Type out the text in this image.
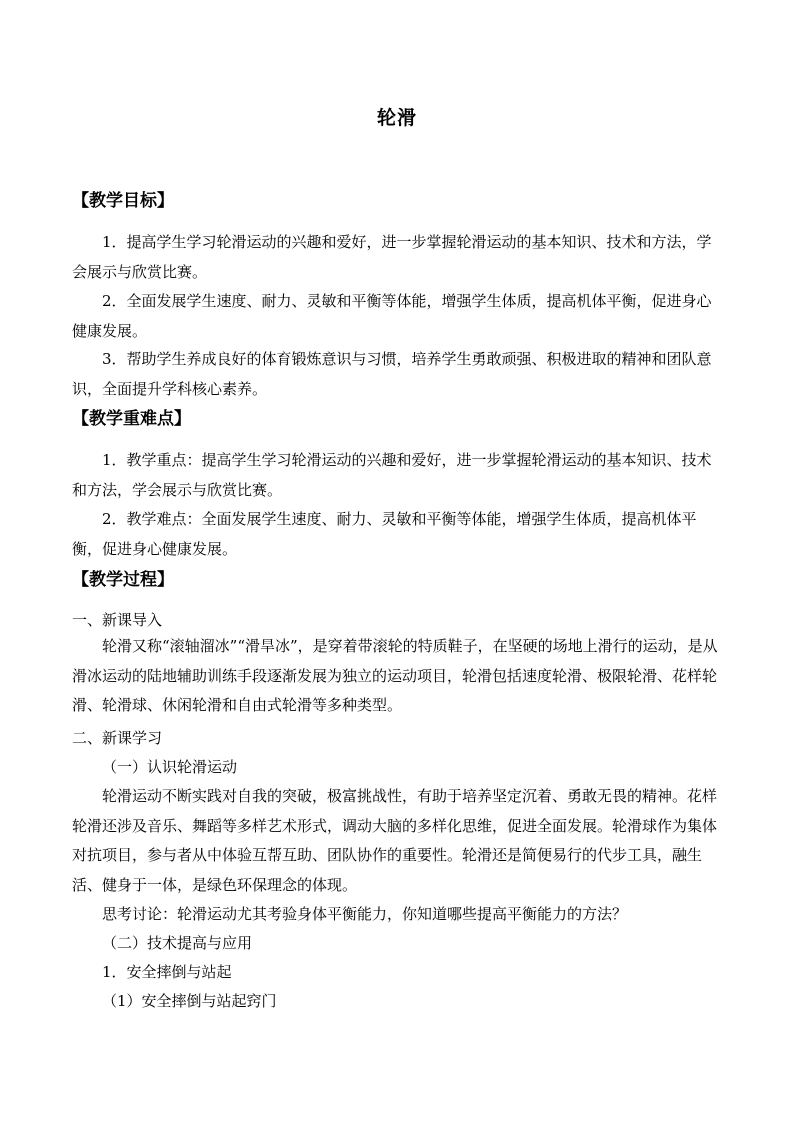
轮滑
【教学目标】
1．提高学生学习轮滑运动的兴趣和爱好，进一步掌握轮滑运动的基本知识、技术和方法，学会展示与欣赏比赛。
2．全面发展学生速度、耐力、灵敏和平衡等体能，增强学生体质，提高机体平衡，促进身心健康发展。
3．帮助学生养成良好的体育锻炼意识与习惯，培养学生勇敢顽强、积极进取的精神和团队意识，全面提升学科核心素养。
【教学重难点】
1．教学重点：提高学生学习轮滑运动的兴趣和爱好，进一步掌握轮滑运动的基本知识、技术和方法，学会展示与欣赏比赛。
2．教学难点：全面发展学生速度、耐力、灵敏和平衡等体能，增强学生体质，提高机体平衡，促进身心健康发展。
【教学过程】
一、新课导入
轮滑又称“滚轴溜冰”“滑旱冰”，是穿着带滚轮的特质鞋子，在坚硬的场地上滑行的运动，是从滑冰运动的陆地辅助训练手段逐渐发展为独立的运动项目，轮滑包括速度轮滑、极限轮滑、花样轮滑、轮滑球、休闲轮滑和自由式轮滑等多种类型。
二、新课学习
（一）认识轮滑运动
轮滑运动不断实践对自我的突破，极富挑战性，有助于培养坚定沉着、勇敢无畏的精神。花样轮滑还涉及音乐、舞蹈等多样艺术形式，调动大脑的多样化思维，促进全面发展。轮滑球作为集体对抗项目，参与者从中体验互帮互助、团队协作的重要性。轮滑还是简便易行的代步工具，融生活、健身于一体，是绿色环保理念的体现。
思考讨论：轮滑运动尤其考验身体平衡能力，你知道哪些提高平衡能力的方法？
（二）技术提高与应用
1．安全摔倒与站起
（1）安全摔倒与站起窍门
